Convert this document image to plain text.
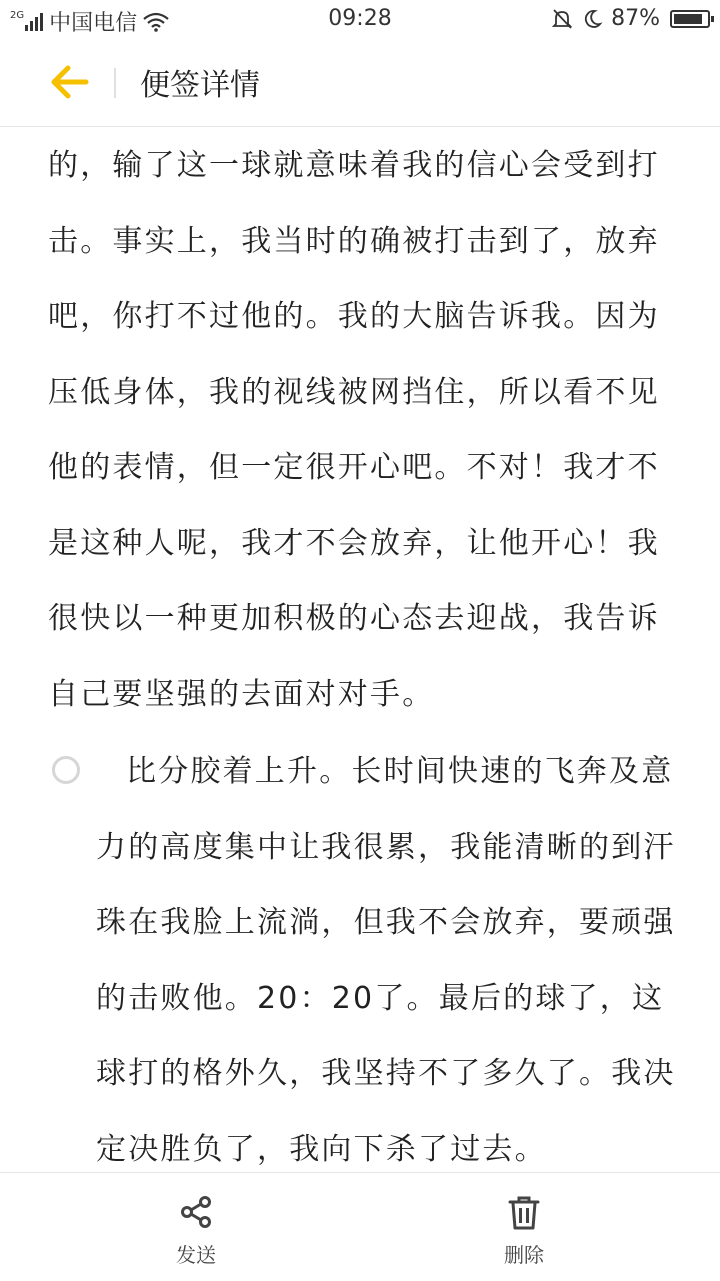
2G 中国电信	09:28	87%
便签详情

的，输了这一球就意味着我的信心会受到打击。事实上，我当时的确被打击到了，放弃吧，你打不过他的。我的大脑告诉我。因为压低身体，我的视线被网挡住，所以看不见他的表情，但一定很开心吧。不对！我才不是这种人呢，我才不会放弃，让他开心！我很快以一种更加积极的心态去迎战，我告诉自己要坚强的去面对对手。

比分胶着上升。长时间快速的飞奔及意力的高度集中让我很累，我能清晰的到汗珠在我脸上流淌，但我不会放弃，要顽强的击败他。20：20了。最后的球了，这球打的格外久，我坚持不了多久了。我决定决胜负了，我向下杀了过去。

发送	删除
